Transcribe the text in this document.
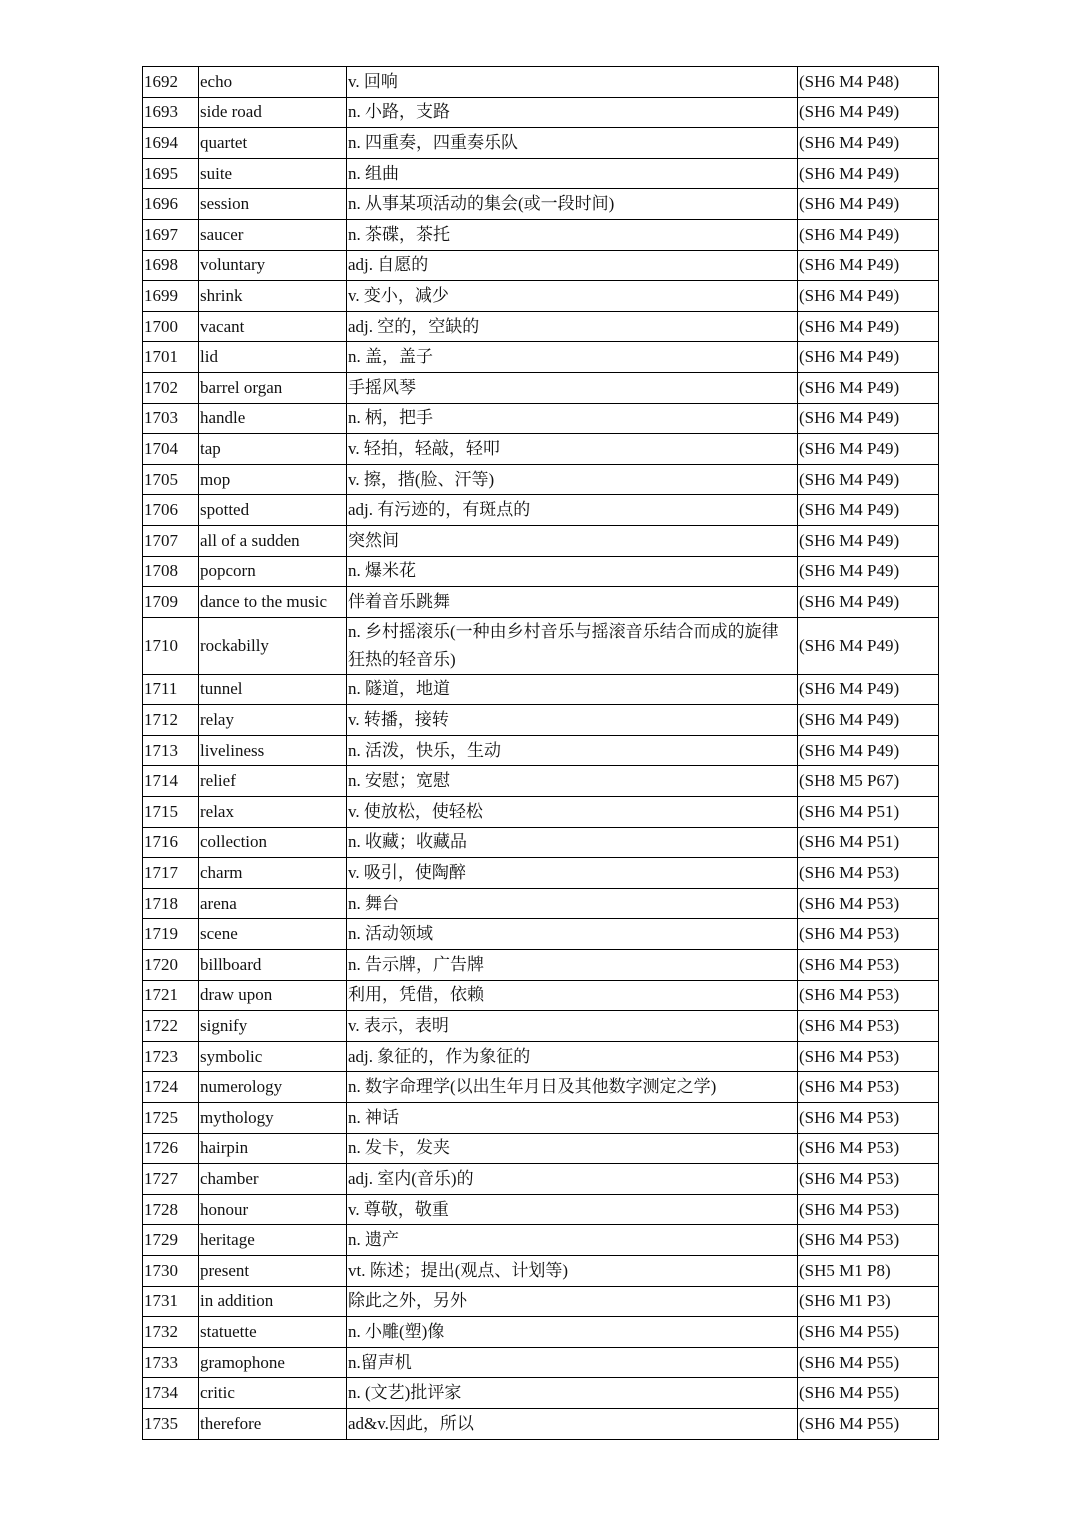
1692	echo	v. 回响	(SH6 M4 P48)
1693	side road	n. 小路，支路	(SH6 M4 P49)
1694	quartet	n. 四重奏，四重奏乐队	(SH6 M4 P49)
1695	suite	n. 组曲	(SH6 M4 P49)
1696	session	n. 从事某项活动的集会(或一段时间)	(SH6 M4 P49)
1697	saucer	n. 茶碟，茶托	(SH6 M4 P49)
1698	voluntary	adj. 自愿的	(SH6 M4 P49)
1699	shrink	v. 变小，减少	(SH6 M4 P49)
1700	vacant	adj. 空的，空缺的	(SH6 M4 P49)
1701	lid	n. 盖，盖子	(SH6 M4 P49)
1702	barrel organ	手摇风琴	(SH6 M4 P49)
1703	handle	n. 柄，把手	(SH6 M4 P49)
1704	tap	v. 轻拍，轻敲，轻叩	(SH6 M4 P49)
1705	mop	v. 擦，揩(脸、汗等)	(SH6 M4 P49)
1706	spotted	adj. 有污迹的，有斑点的	(SH6 M4 P49)
1707	all of a sudden	突然间	(SH6 M4 P49)
1708	popcorn	n. 爆米花	(SH6 M4 P49)
1709	dance to the music	伴着音乐跳舞	(SH6 M4 P49)
1710	rockabilly	n. 乡村摇滚乐(一种由乡村音乐与摇滚音乐结合而成的旋律狂热的轻音乐)	(SH6 M4 P49)
1711	tunnel	n. 隧道，地道	(SH6 M4 P49)
1712	relay	v. 转播，接转	(SH6 M4 P49)
1713	liveliness	n. 活泼，快乐，生动	(SH6 M4 P49)
1714	relief	n. 安慰；宽慰	(SH8 M5 P67)
1715	relax	v. 使放松，使轻松	(SH6 M4 P51)
1716	collection	n. 收藏；收藏品	(SH6 M4 P51)
1717	charm	v. 吸引，使陶醉	(SH6 M4 P53)
1718	arena	n. 舞台	(SH6 M4 P53)
1719	scene	n. 活动领域	(SH6 M4 P53)
1720	billboard	n. 告示牌，广告牌	(SH6 M4 P53)
1721	draw upon	利用，凭借，依赖	(SH6 M4 P53)
1722	signify	v. 表示，表明	(SH6 M4 P53)
1723	symbolic	adj. 象征的，作为象征的	(SH6 M4 P53)
1724	numerology	n. 数字命理学(以出生年月日及其他数字测定之学)	(SH6 M4 P53)
1725	mythology	n. 神话	(SH6 M4 P53)
1726	hairpin	n. 发卡，发夹	(SH6 M4 P53)
1727	chamber	adj. 室内(音乐)的	(SH6 M4 P53)
1728	honour	v. 尊敬，敬重	(SH6 M4 P53)
1729	heritage	n. 遗产	(SH6 M4 P53)
1730	present	vt. 陈述；提出(观点、计划等)	(SH5 M1 P8)
1731	in addition	除此之外，另外	(SH6 M1 P3)
1732	statuette	n. 小雕(塑)像	(SH6 M4 P55)
1733	gramophone	n.留声机	(SH6 M4 P55)
1734	critic	n. (文艺)批评家	(SH6 M4 P55)
1735	therefore	ad&v.因此，所以	(SH6 M4 P55)
